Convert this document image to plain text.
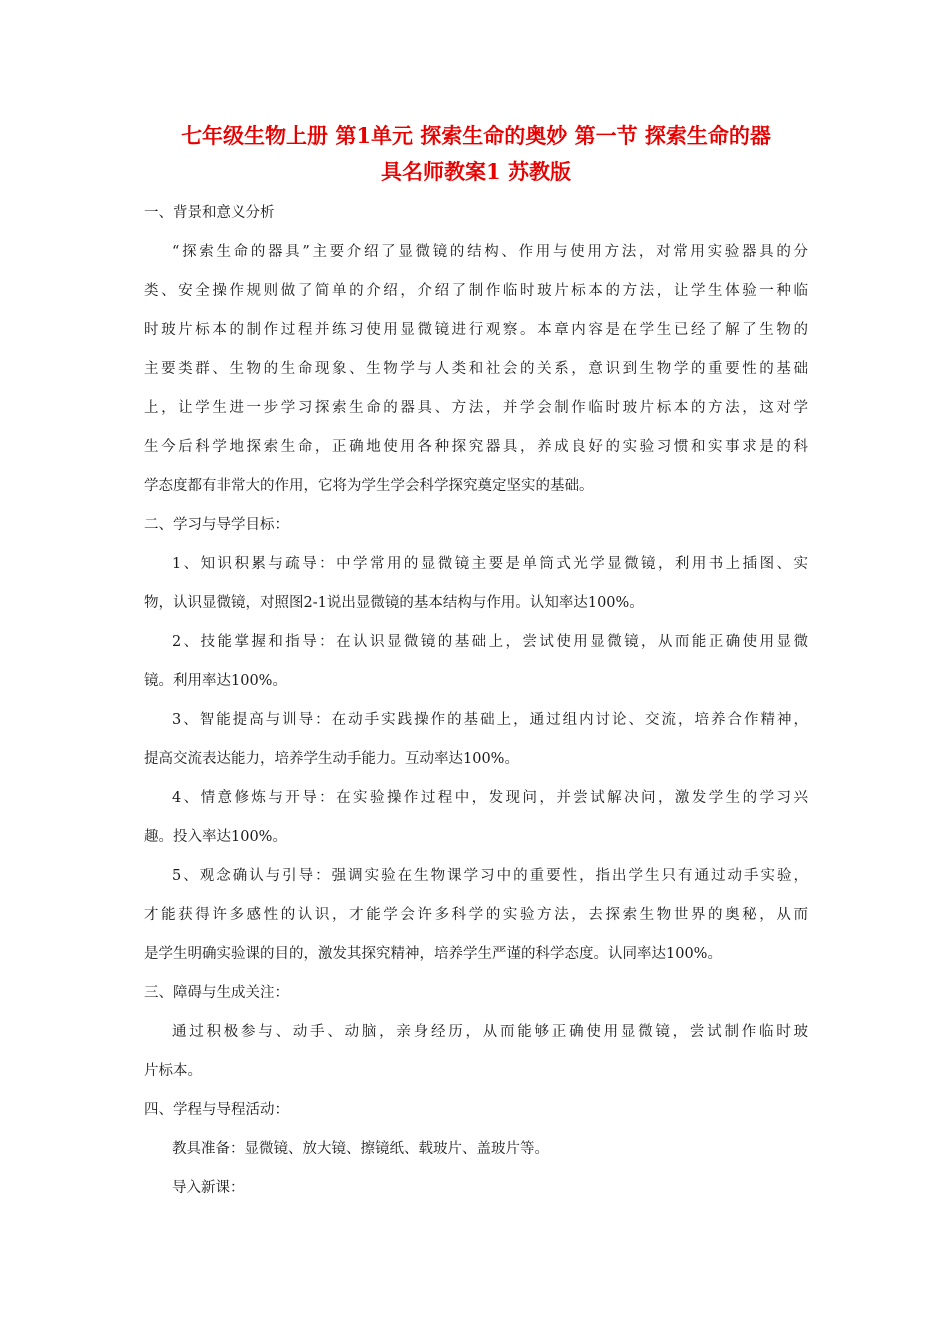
七年级生物上册 第1单元 探索生命的奥妙 第一节 探索生命的器
具名师教案1 苏教版

一、背景和意义分析

“探索生命的器具”主要介绍了显微镜的结构、作用与使用方法，对常用实验器具的分
类、安全操作规则做了简单的介绍，介绍了制作临时玻片标本的方法，让学生体验一种临
时玻片标本的制作过程并练习使用显微镜进行观察。本章内容是在学生已经了解了生物的
主要类群、生物的生命现象、生物学与人类和社会的关系，意识到生物学的重要性的基础
上，让学生进一步学习探索生命的器具、方法，并学会制作临时玻片标本的方法，这对学
生今后科学地探索生命，正确地使用各种探究器具，养成良好的实验习惯和实事求是的科
学态度都有非常大的作用，它将为学生学会科学探究奠定坚实的基础。

二、学习与导学目标：

1、知识积累与疏导：中学常用的显微镜主要是单筒式光学显微镜，利用书上插图、实
物，认识显微镜，对照图2-1说出显微镜的基本结构与作用。认知率达100%。

2、技能掌握和指导：在认识显微镜的基础上，尝试使用显微镜，从而能正确使用显微
镜。利用率达100%。

3、智能提高与训导：在动手实践操作的基础上，通过组内讨论、交流，培养合作精神，
提高交流表达能力，培养学生动手能力。互动率达100%。

4、情意修炼与开导：在实验操作过程中，发现问，并尝试解决问，激发学生的学习兴
趣。投入率达100%。

5、观念确认与引导：强调实验在生物课学习中的重要性，指出学生只有通过动手实验，
才能获得许多感性的认识，才能学会许多科学的实验方法，去探索生物世界的奥秘，从而
是学生明确实验课的目的，激发其探究精神，培养学生严谨的科学态度。认同率达100%。

三、障碍与生成关注：

通过积极参与、动手、动脑，亲身经历，从而能够正确使用显微镜，尝试制作临时玻
片标本。

四、学程与导程活动：

教具准备：显微镜、放大镜、擦镜纸、载玻片、盖玻片等。

导入新课：
